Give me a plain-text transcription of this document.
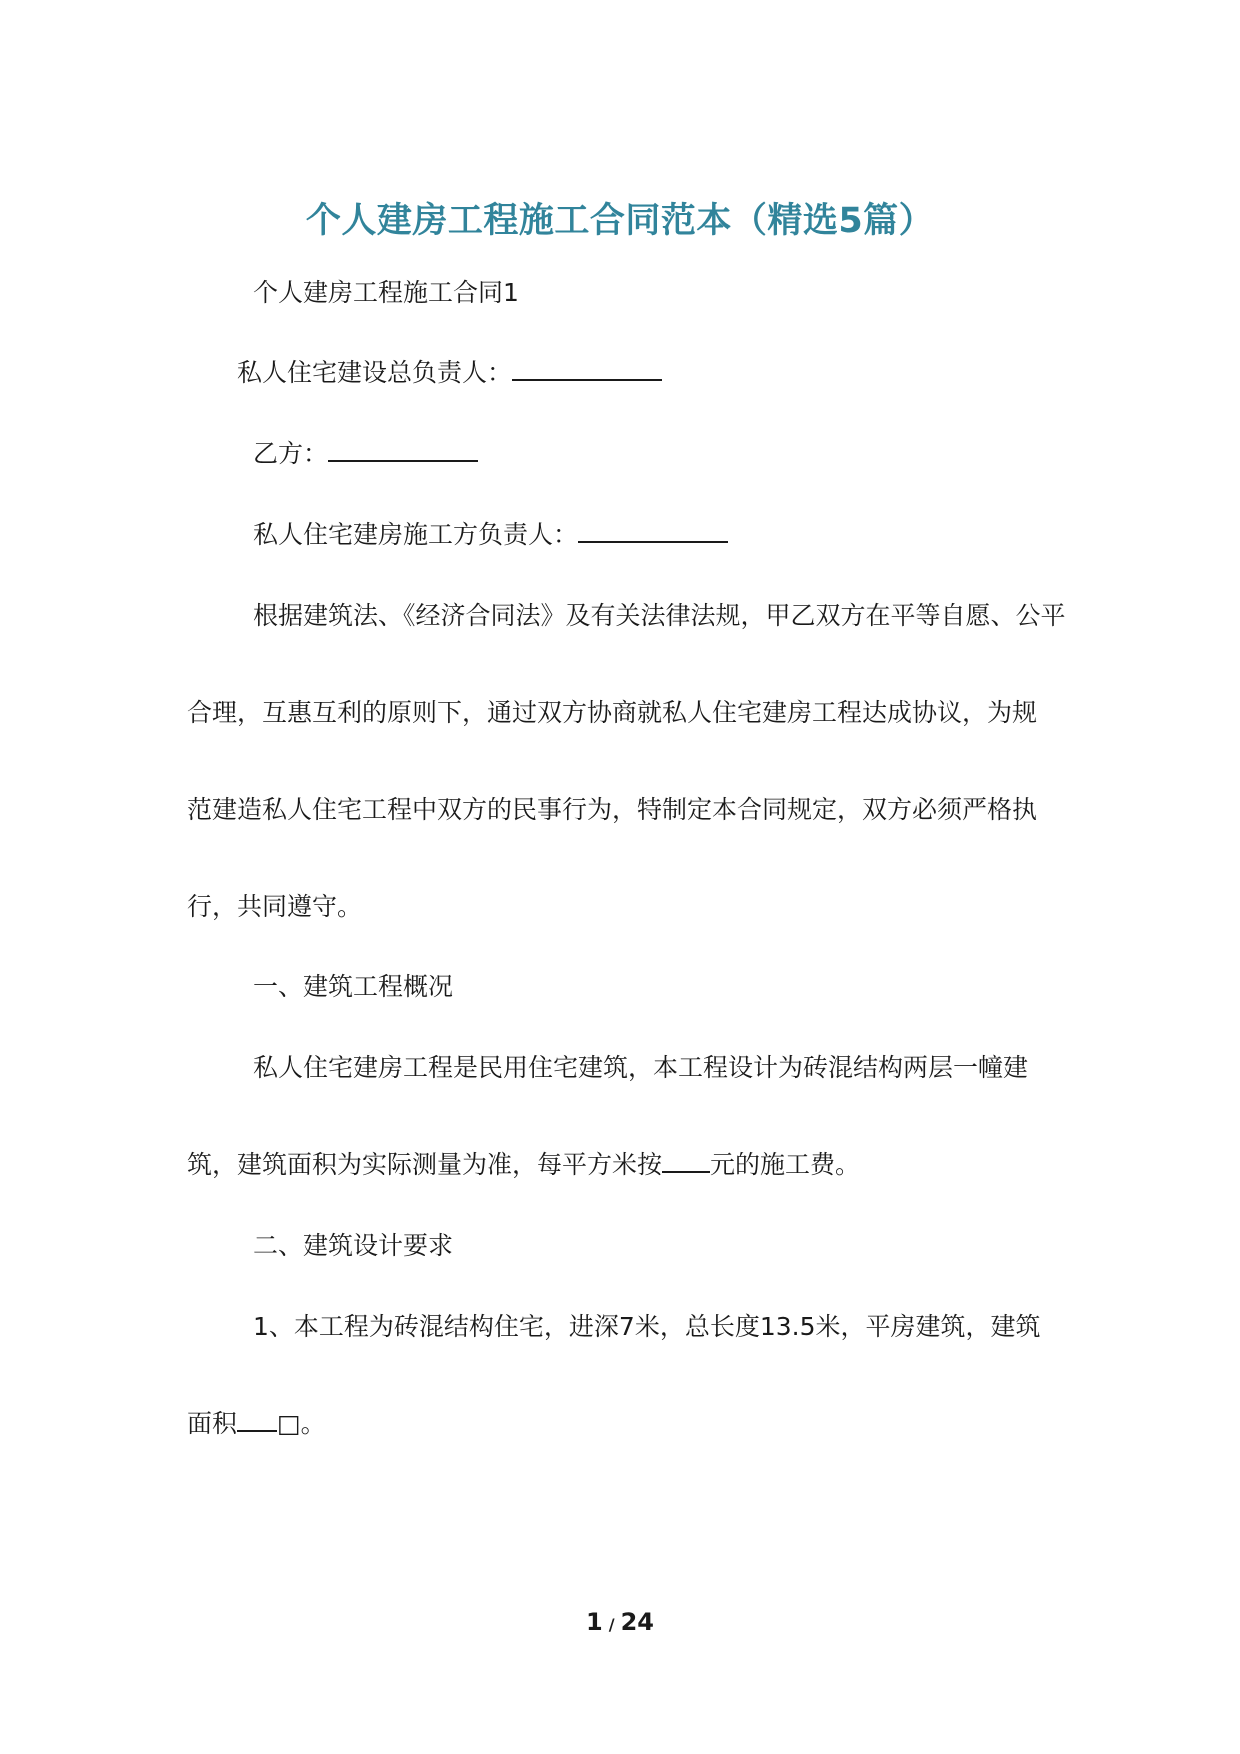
个人建房工程施工合同范本（精选5篇）
个人建房工程施工合同1
私人住宅建设总负责人：
乙方：
私人住宅建房施工方负责人：
根据建筑法、《经济合同法》及有关法律法规，甲乙双方在平等自愿、公平
合理，互惠互利的原则下，通过双方协商就私人住宅建房工程达成协议，为规
范建造私人住宅工程中双方的民事行为，特制定本合同规定，双方必须严格执
行，共同遵守。
一、建筑工程概况
私人住宅建房工程是民用住宅建筑，本工程设计为砖混结构两层一幢建
筑，建筑面积为实际测量为准，每平方米按 元的施工费。
二、建筑设计要求
1、本工程为砖混结构住宅，进深7米，总长度13.5米，平房建筑，建筑
面积 □。
1 / 24
